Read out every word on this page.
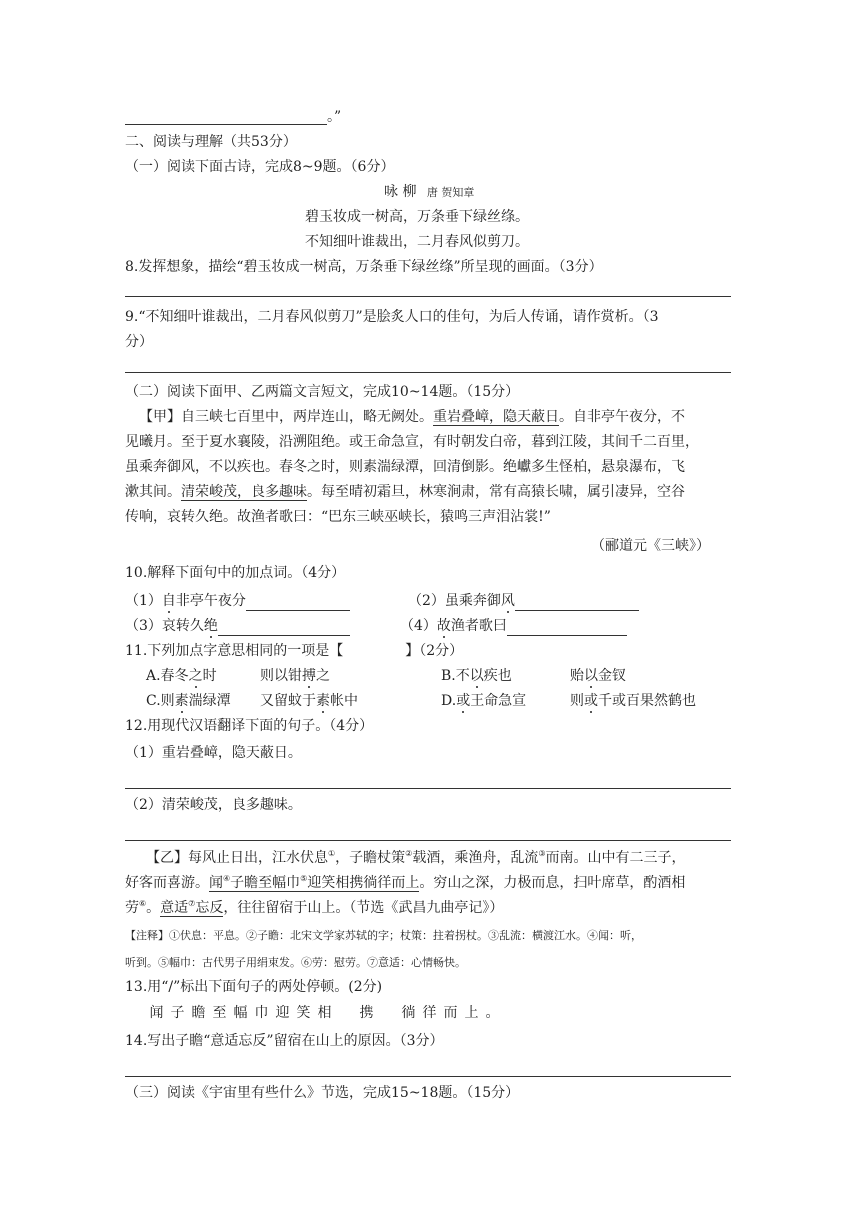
。”
二、阅读与理解（共53分）
（一）阅读下面古诗，完成8~9题。（6分）
咏 柳 唐 贺知章
碧玉妆成一树高，万条垂下绿丝绦。
不知细叶谁裁出，二月春风似剪刀。
8.发挥想象，描绘“碧玉妆成一树高，万条垂下绿丝绦”所呈现的画面。（3分）
9.“不知细叶谁裁出，二月春风似剪刀”是脍炙人口的佳句，为后人传诵，请作赏析。（3
分）
（二）阅读下面甲、乙两篇文言短文，完成10~14题。（15分）
【甲】自三峡七百里中，两岸连山，略无阙处。重岩叠嶂，隐天蔽日。自非亭午夜分，不
见曦月。至于夏水襄陵，沿溯阻绝。或王命急宣，有时朝发白帝，暮到江陵，其间千二百里，
虽乘奔御风，不以疾也。春冬之时，则素湍绿潭，回清倒影。绝巘多生怪柏，悬泉瀑布，飞
漱其间。清荣峻茂，良多趣味。每至晴初霜旦，林寒涧肃，常有高猿长啸，属引凄异，空谷
传响，哀转久绝。故渔者歌曰：“巴东三峡巫峡长，猿鸣三声泪沾裳!”
（郦道元《三峡》）
10.解释下面句中的加点词。（4分）
（1）自非亭午夜分	（2）虽乘奔御风
（3）哀转久绝	（4）故渔者歌曰
11.下列加点字意思相同的一项是【	】（2分）
A.春冬之时	则以钳搏之	B.不以疾也	贻以金钗
C.则素湍绿潭 又留蚊于素帐中	D.或王命急宣	则或千或百果然鹤也
12.用现代汉语翻译下面的句子。（4分）
（1）重岩叠嶂，隐天蔽日。
（2）清荣峻茂，良多趣味。
【乙】每风止日出，江水伏息①，子瞻杖策②载酒，乘渔舟，乱流③而南。山中有二三子，
好客而喜游。闻④子瞻至幅巾⑤迎笑相携徜徉而上。穷山之深，力极而息，扫叶席草，酌酒相
劳⑥。意适⑦忘反，往往留宿于山上。（节选《武昌九曲亭记》）
【注释】①伏息：平息。②子瞻：北宋文学家苏轼的字；杖策：拄着拐杖。③乱流：横渡江水。④闻：听，
听到。⑤幅巾：古代男子用绢束发。⑥劳：慰劳。⑦意适：心情畅快。
13.用“/”标出下面句子的两处停顿。(2分)
闻 子 瞻 至 幅 巾 迎 笑 相 携 徜 徉 而 上 。
14.写出子瞻“意适忘反”留宿在山上的原因。（3分）
（三）阅读《宇宙里有些什么》节选，完成15~18题。（15分）
